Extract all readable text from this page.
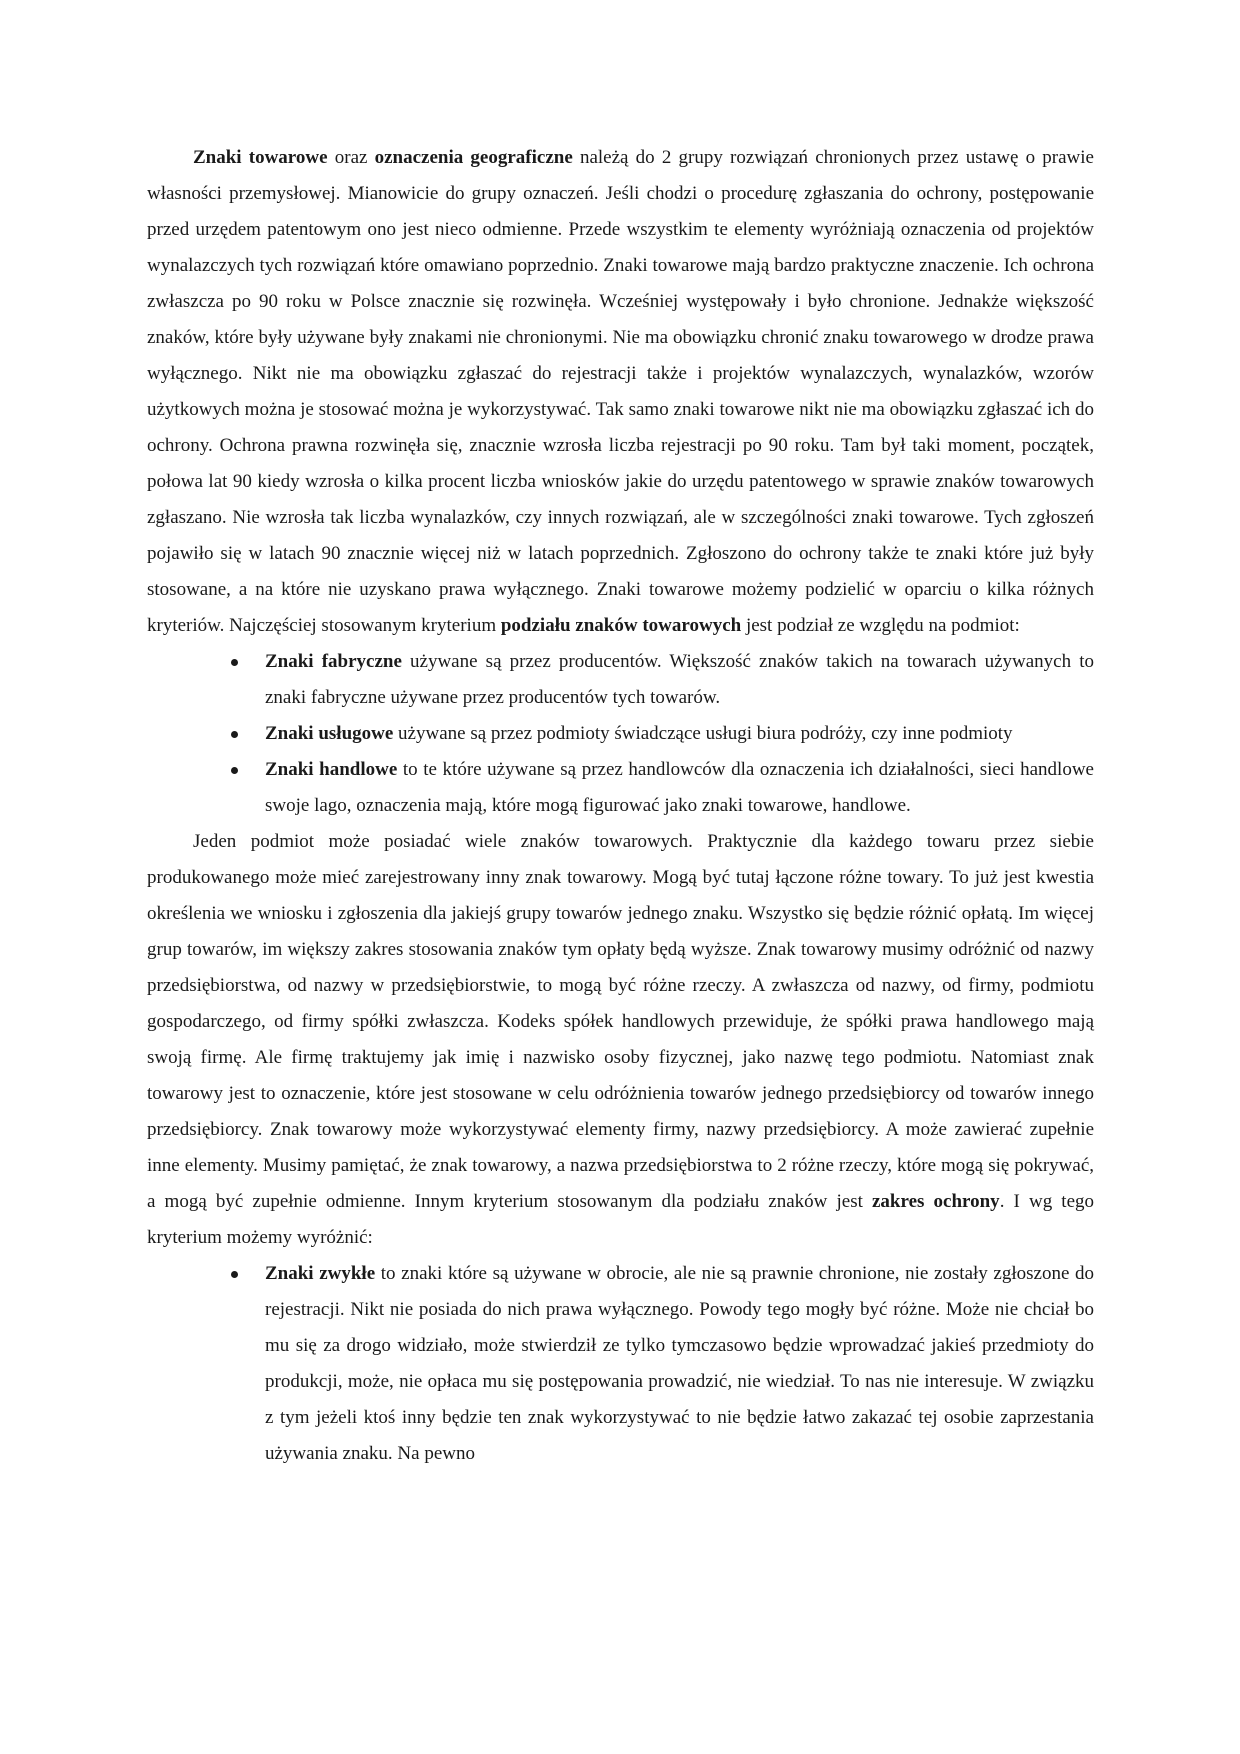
Znaki towarowe oraz oznaczenia geograficzne należą do 2 grupy rozwiązań chronionych przez ustawę o prawie własności przemysłowej. Mianowicie do grupy oznaczeń. Jeśli chodzi o procedurę zgłaszania do ochrony, postępowanie przed urzędem patentowym ono jest nieco odmienne. Przede wszystkim te elementy wyróżniają oznaczenia od projektów wynalazczych tych rozwiązań które omawiano poprzednio. Znaki towarowe mają bardzo praktyczne znaczenie. Ich ochrona zwłaszcza po 90 roku w Polsce znacznie się rozwinęła. Wcześniej występowały i było chronione. Jednakże większość znaków, które były używane były znakami nie chronionymi. Nie ma obowiązku chronić znaku towarowego w drodze prawa wyłącznego. Nikt nie ma obowiązku zgłaszać do rejestracji także i projektów wynalazczych, wynalazków, wzorów użytkowych można je stosować można je wykorzystywać. Tak samo znaki towarowe nikt nie ma obowiązku zgłaszać ich do ochrony. Ochrona prawna rozwinęła się, znacznie wzrosła liczba rejestracji po 90 roku. Tam był taki moment, początek, połowa lat 90 kiedy wzrosła o kilka procent liczba wniosków jakie do urzędu patentowego w sprawie znaków towarowych zgłaszano. Nie wzrosła tak liczba wynalazków, czy innych rozwiązań, ale w szczególności znaki towarowe. Tych zgłoszeń pojawiło się w latach 90 znacznie więcej niż w latach poprzednich. Zgłoszono do ochrony także te znaki które już były stosowane, a na które nie uzyskano prawa wyłącznego. Znaki towarowe możemy podzielić w oparciu o kilka różnych kryteriów. Najczęściej stosowanym kryterium podziału znaków towarowych jest podział ze względu na podmiot:

Znaki fabryczne używane są przez producentów. Większość znaków takich na towarach używanych to znaki fabryczne używane przez producentów tych towarów.
Znaki usługowe używane są przez podmioty świadczące usługi biura podróży, czy inne podmioty
Znaki handlowe to te które używane są przez handlowców dla oznaczenia ich działalności, sieci handlowe swoje lago, oznaczenia mają, które mogą figurować jako znaki towarowe, handlowe.

Jeden podmiot może posiadać wiele znaków towarowych. Praktycznie dla każdego towaru przez siebie produkowanego może mieć zarejestrowany inny znak towarowy. Mogą być tutaj łączone różne towary. To już jest kwestia określenia we wniosku i zgłoszenia dla jakiejś grupy towarów jednego znaku. Wszystko się będzie różnić opłatą. Im więcej grup towarów, im większy zakres stosowania znaków tym opłaty będą wyższe. Znak towarowy musimy odróżnić od nazwy przedsiębiorstwa, od nazwy w przedsiębiorstwie, to mogą być różne rzeczy. A zwłaszcza od nazwy, od firmy, podmiotu gospodarczego, od firmy spółki zwłaszcza. Kodeks spółek handlowych przewiduje, że spółki prawa handlowego mają swoją firmę. Ale firmę traktujemy jak imię i nazwisko osoby fizycznej, jako nazwę tego podmiotu. Natomiast znak towarowy jest to oznaczenie, które jest stosowane w celu odróżnienia towarów jednego przedsiębiorcy od towarów innego przedsiębiorcy. Znak towarowy może wykorzystywać elementy firmy, nazwy przedsiębiorcy. A może zawierać zupełnie inne elementy. Musimy pamiętać, że znak towarowy, a nazwa przedsiębiorstwa to 2 różne rzeczy, które mogą się pokrywać, a mogą być zupełnie odmienne. Innym kryterium stosowanym dla podziału znaków jest zakres ochrony. I wg tego kryterium możemy wyróżnić:

Znaki zwykłe to znaki które są używane w obrocie, ale nie są prawnie chronione, nie zostały zgłoszone do rejestracji. Nikt nie posiada do nich prawa wyłącznego. Powody tego mogły być różne. Może nie chciał bo mu się za drogo widziało, może stwierdził ze tylko tymczasowo będzie wprowadzać jakieś przedmioty do produkcji, może, nie opłaca mu się postępowania prowadzić, nie wiedział. To nas nie interesuje. W związku z tym jeżeli ktoś inny będzie ten znak wykorzystywać to nie będzie łatwo zakazać tej osobie zaprzestania używania znaku. Na pewno
